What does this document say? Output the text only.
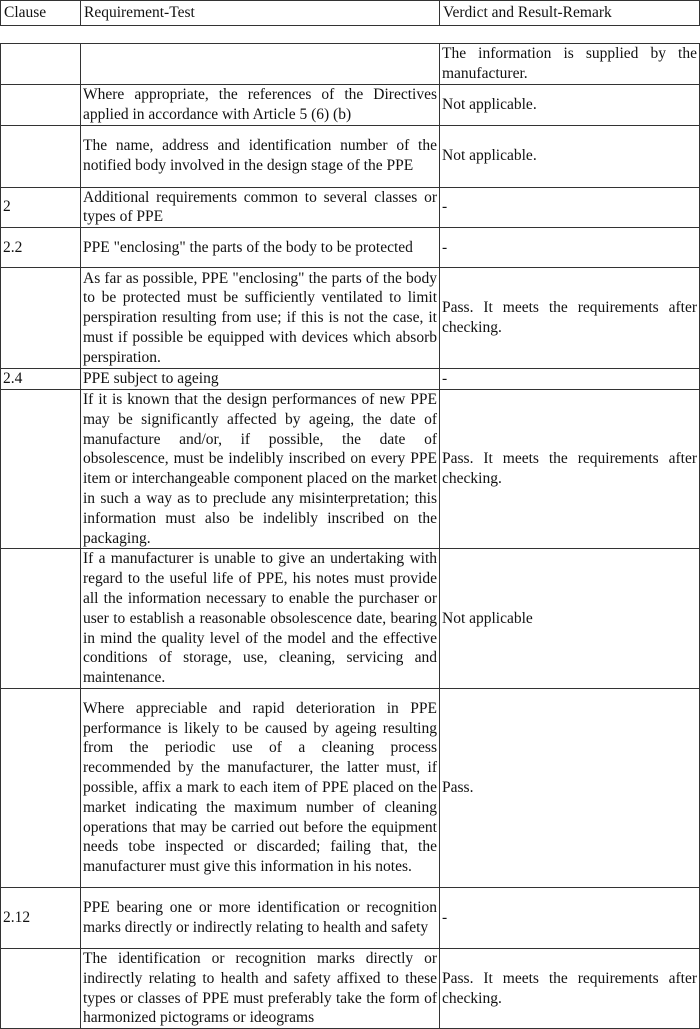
Clause	Requirement-Test	Verdict and Result-Remark
		The information is supplied by the manufacturer.
	Where appropriate, the references of the Directives applied in accordance with Article 5 (6) (b)	Not applicable.
	The name, address and identification number of the notified body involved in the design stage of the PPE	Not applicable.
2	Additional requirements common to several classes or types of PPE	-
2.2	PPE "enclosing" the parts of the body to be protected	-
	As far as possible, PPE "enclosing" the parts of the body to be protected must be sufficiently ventilated to limit perspiration resulting from use; if this is not the case, it must if possible be equipped with devices which absorb perspiration.	Pass. It meets the requirements after checking.
2.4	PPE subject to ageing	-
	If it is known that the design performances of new PPE may be significantly affected by ageing, the date of manufacture and/or, if possible, the date of obsolescence, must be indelibly inscribed on every PPE item or interchangeable component placed on the market in such a way as to preclude any misinterpretation; this information must also be indelibly inscribed on the packaging.	Pass. It meets the requirements after checking.
	If a manufacturer is unable to give an undertaking with regard to the useful life of PPE, his notes must provide all the information necessary to enable the purchaser or user to establish a reasonable obsolescence date, bearing in mind the quality level of the model and the effective conditions of storage, use, cleaning, servicing and maintenance.	Not applicable
	Where appreciable and rapid deterioration in PPE performance is likely to be caused by ageing resulting from the periodic use of a cleaning process recommended by the manufacturer, the latter must, if possible, affix a mark to each item of PPE placed on the market indicating the maximum number of cleaning operations that may be carried out before the equipment needs tobe inspected or discarded; failing that, the manufacturer must give this information in his notes.	Pass.
2.12	PPE bearing one or more identification or recognition marks directly or indirectly relating to health and safety	-
	The identification or recognition marks directly or indirectly relating to health and safety affixed to these types or classes of PPE must preferably take the form of harmonized pictograms or ideograms	Pass. It meets the requirements after checking.
